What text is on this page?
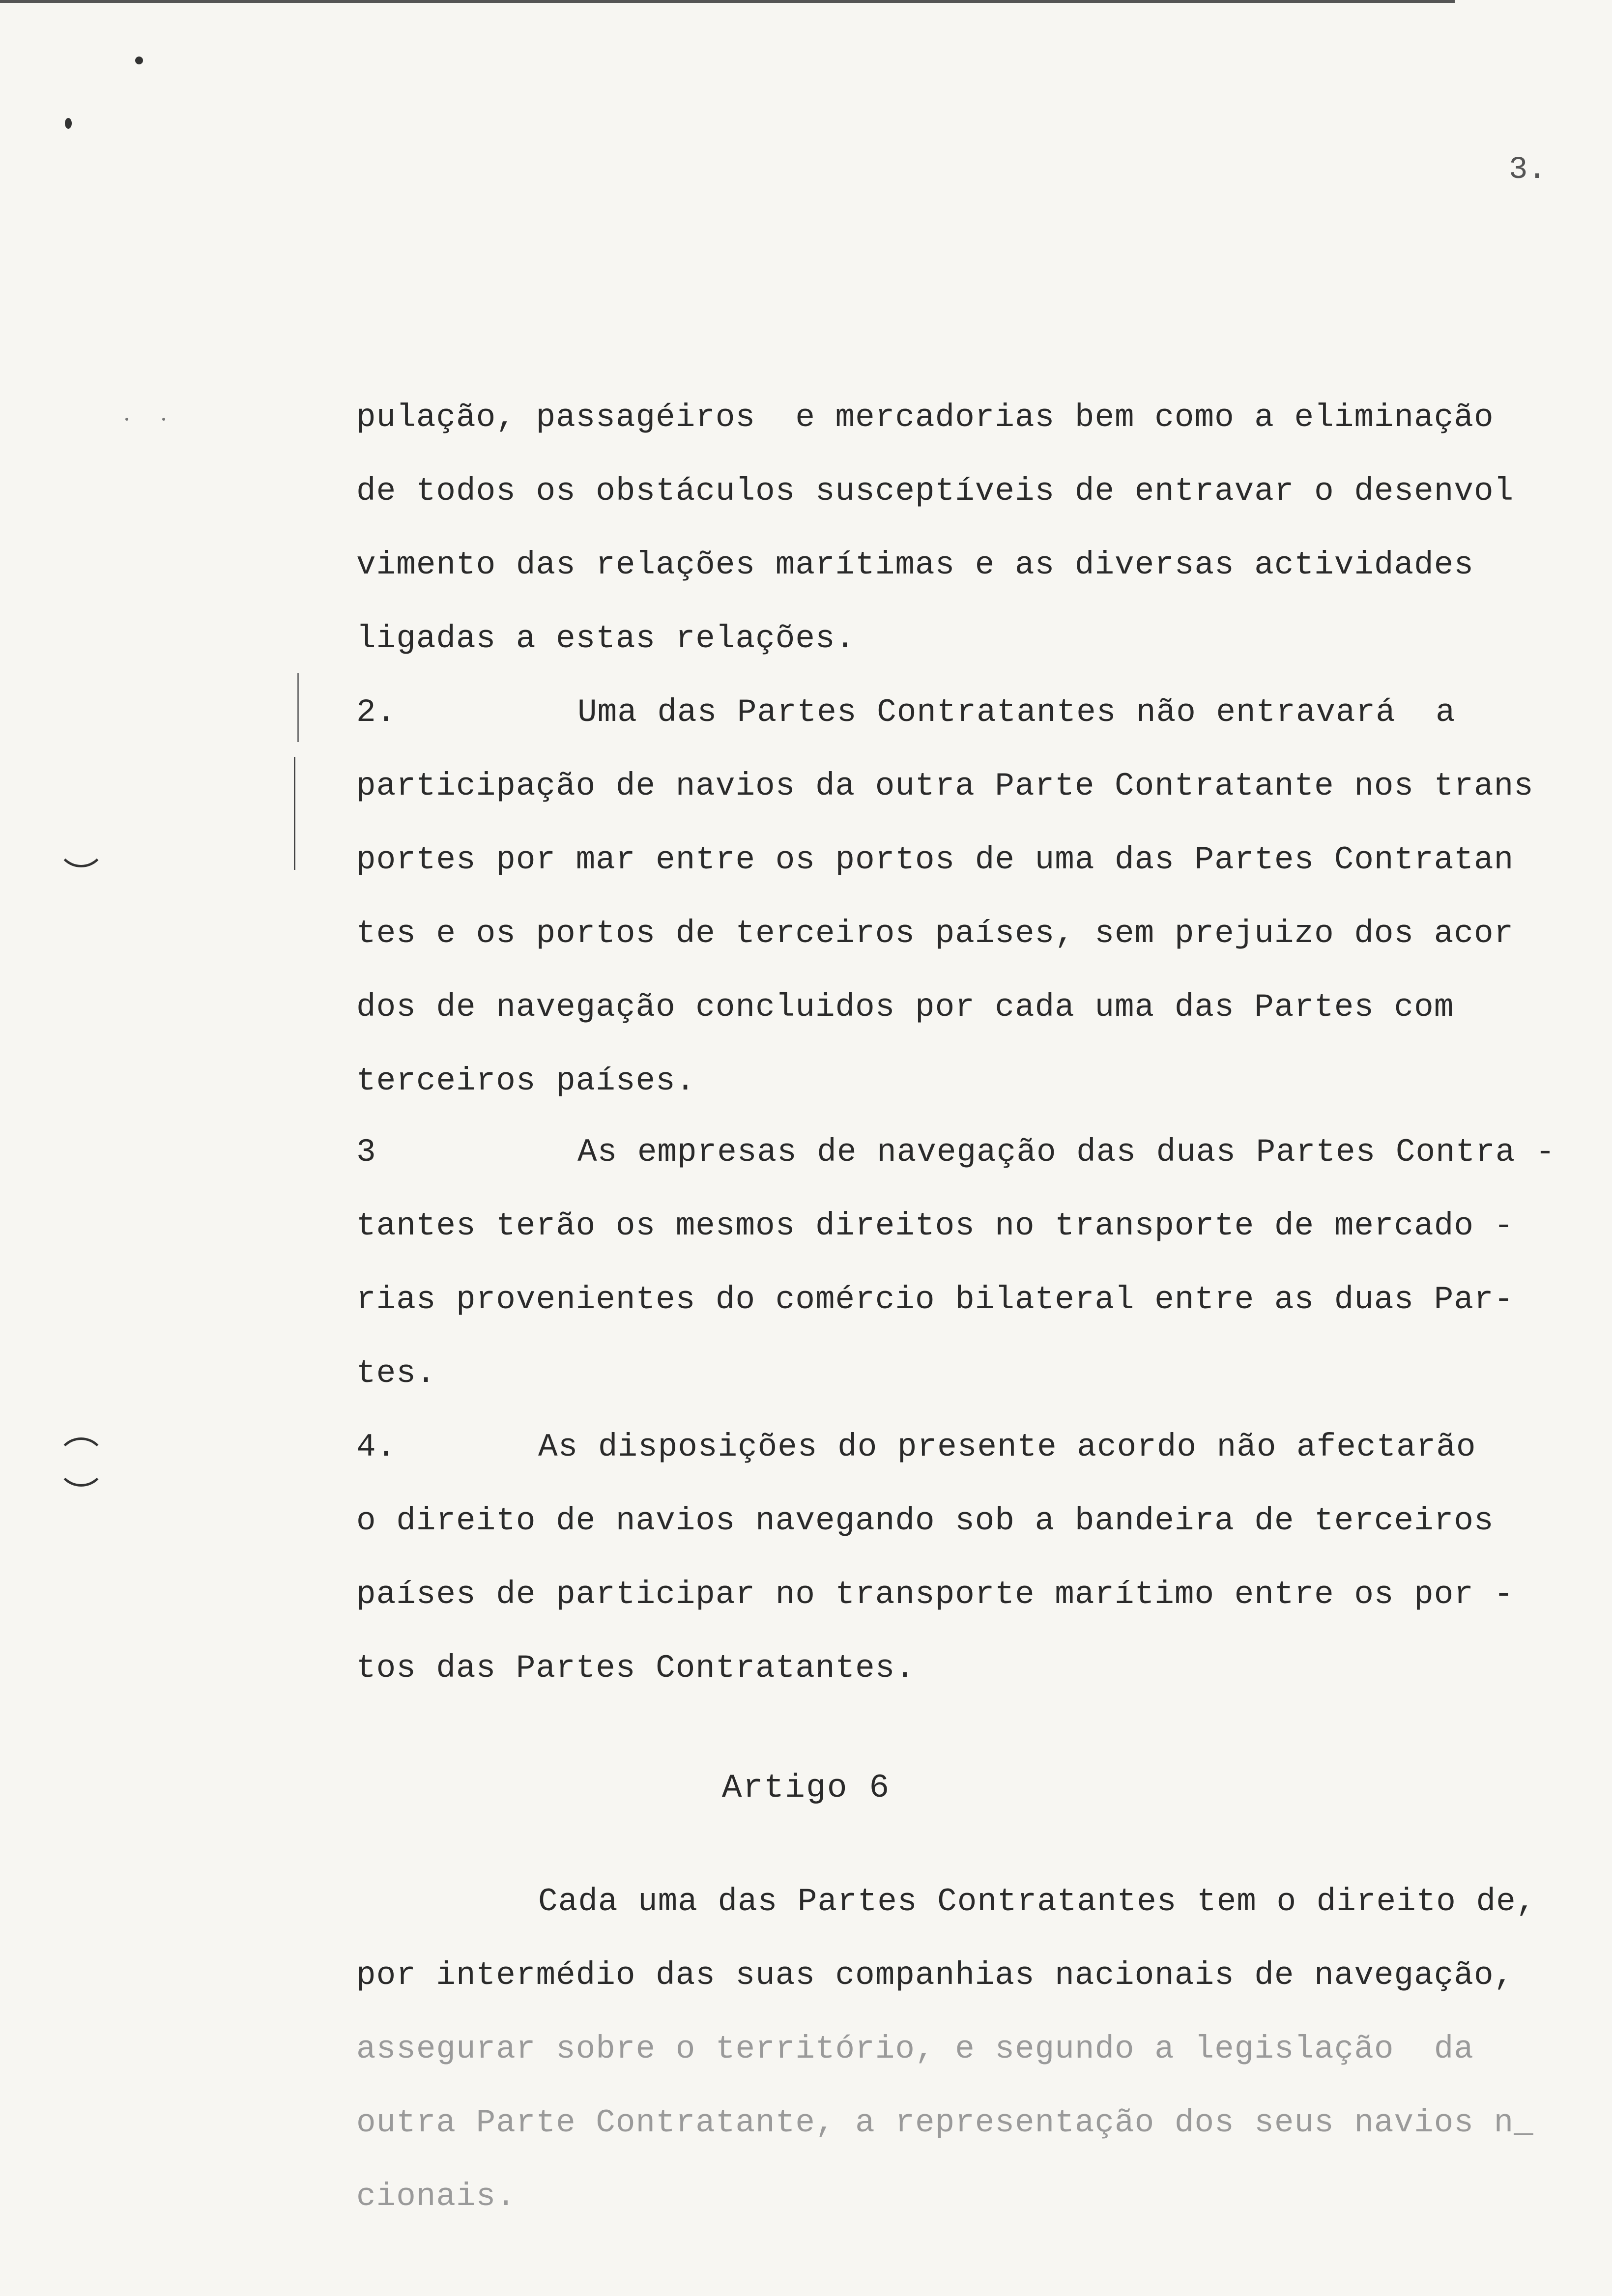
3.
pulação, passagéiros  e mercadorias bem como a eliminação
de todos os obstáculos susceptíveis de entravar o desenvol
vimento das relações marítimas e as diversas actividades
ligadas a estas relações.
2.	Uma das Partes Contratantes não entravará  a
participação de navios da outra Parte Contratante nos trans
portes por mar entre os portos de uma das Partes Contratan
tes e os portos de terceiros países, sem prejuizo dos acor
dos de navegação concluidos por cada uma das Partes com
terceiros países.
3	As empresas de navegação das duas Partes Contra -
tantes terão os mesmos direitos no transporte de mercado -
rias provenientes do comércio bilateral entre as duas Par-
tes.
4.	As disposições do presente acordo não afectarão
o direito de navios navegando sob a bandeira de terceiros
países de participar no transporte marítimo entre os por -
tos das Partes Contratantes.
Artigo 6
Cada uma das Partes Contratantes tem o direito de,
por intermédio das suas companhias nacionais de navegação,
assegurar sobre o território, e segundo a legislação  da
outra Parte Contratante, a representação dos seus navios n_
cionais.
